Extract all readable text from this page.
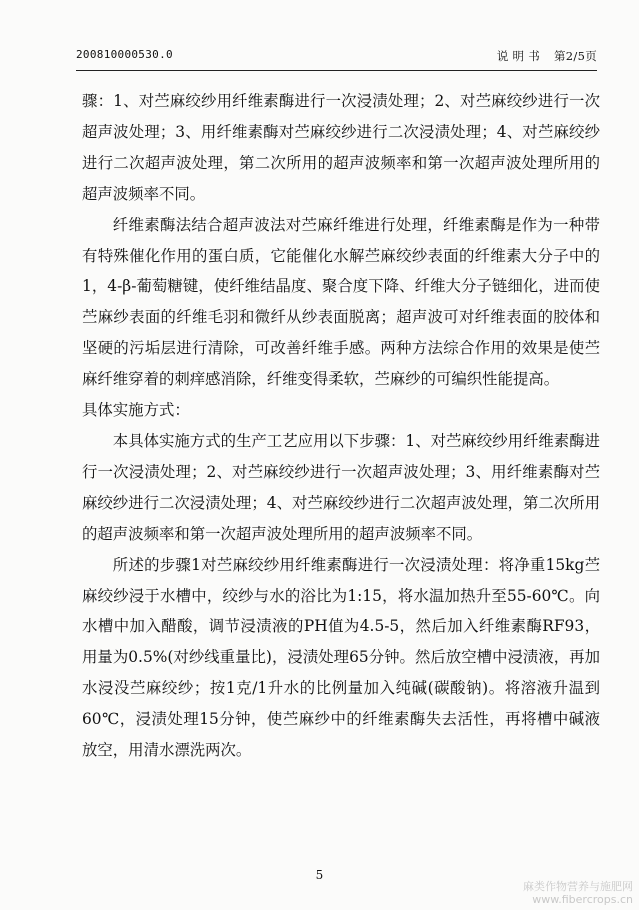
200810000530.0	说 明 书 第2/5页

骤：1、对苎麻绞纱用纤维素酶进行一次浸渍处理；2、对苎麻绞纱进行一次超声波处理；3、用纤维素酶对苎麻绞纱进行二次浸渍处理；4、对苎麻绞纱进行二次超声波处理，第二次所用的超声波频率和第一次超声波处理所用的超声波频率不同。

纤维素酶法结合超声波法对苎麻纤维进行处理，纤维素酶是作为一种带有特殊催化作用的蛋白质，它能催化水解苎麻绞纱表面的纤维素大分子中的1，4-β-葡萄糖键，使纤维结晶度、聚合度下降、纤维大分子链细化，进而使苎麻纱表面的纤维毛羽和微纤从纱表面脱离；超声波可对纤维表面的胶体和坚硬的污垢层进行清除，可改善纤维手感。两种方法综合作用的效果是使苎麻纤维穿着的刺痒感消除，纤维变得柔软，苎麻纱的可编织性能提高。

具体实施方式：

本具体实施方式的生产工艺应用以下步骤：1、对苎麻绞纱用纤维素酶进行一次浸渍处理；2、对苎麻绞纱进行一次超声波处理；3、用纤维素酶对苎麻绞纱进行二次浸渍处理；4、对苎麻绞纱进行二次超声波处理，第二次所用的超声波频率和第一次超声波处理所用的超声波频率不同。

所述的步骤1对苎麻绞纱用纤维素酶进行一次浸渍处理：将净重15kg苎麻绞纱浸于水槽中，绞纱与水的浴比为1:15，将水温加热升至55-60℃。向水槽中加入醋酸，调节浸渍液的PH值为4.5-5，然后加入纤维素酶RF93，用量为0.5%(对纱线重量比)，浸渍处理65分钟。然后放空槽中浸渍液，再加水浸没苎麻绞纱；按1克/1升水的比例量加入纯碱(碳酸钠)。将溶液升温到60℃，浸渍处理15分钟，使苎麻纱中的纤维素酶失去活性，再将槽中碱液放空，用清水漂洗两次。

5
麻类作物营养与施肥网
www.fibercrops.cn
